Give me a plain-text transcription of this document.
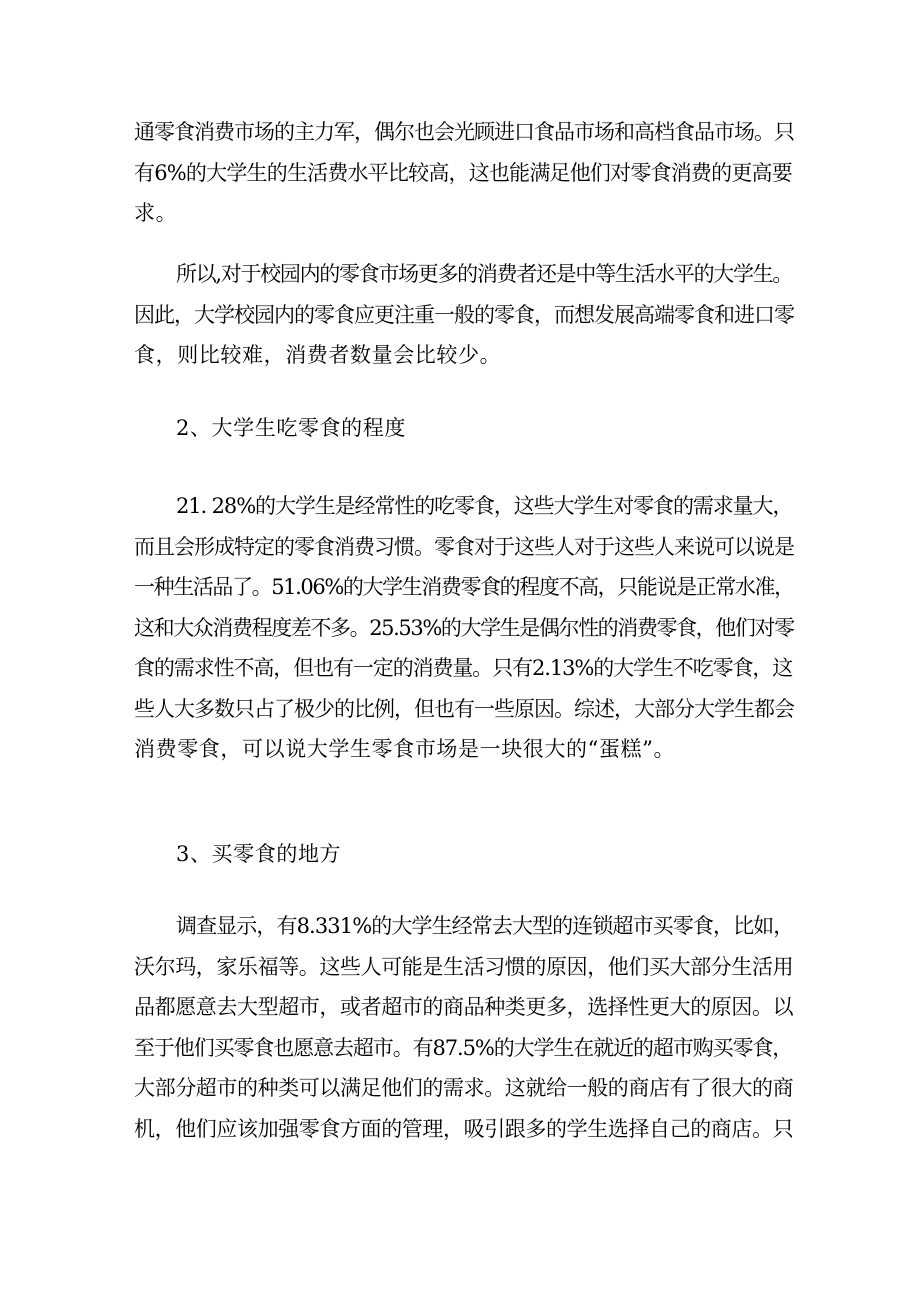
通零食消费市场的主力军，偶尔也会光顾进口食品市场和高档食品市场。只
有6%的大学生的生活费水平比较高，这也能满足他们对零食消费的更高要
求。
所以,对于校园内的零食市场更多的消费者还是中等生活水平的大学生。
因此，大学校园内的零食应更注重一般的零食，而想发展高端零食和进口零
食，则比较难，消费者数量会比较少。
2、大学生吃零食的程度
21. 28%的大学生是经常性的吃零食，这些大学生对零食的需求量大，
而且会形成特定的零食消费习惯。零食对于这些人对于这些人来说可以说是
一种生活品了。51.06%的大学生消费零食的程度不高，只能说是正常水准，
这和大众消费程度差不多。25.53%的大学生是偶尔性的消费零食，他们对零
食的需求性不高，但也有一定的消费量。只有2.13%的大学生不吃零食，这
些人大多数只占了极少的比例，但也有一些原因。综述，大部分大学生都会
消费零食，可以说大学生零食市场是一块很大的“蛋糕”。
3、买零食的地方
调查显示，有8.331%的大学生经常去大型的连锁超市买零食，比如，
沃尔玛，家乐福等。这些人可能是生活习惯的原因，他们买大部分生活用
品都愿意去大型超市，或者超市的商品种类更多，选择性更大的原因。以
至于他们买零食也愿意去超市。有87.5%的大学生在就近的超市购买零食，
大部分超市的种类可以满足他们的需求。这就给一般的商店有了很大的商
机，他们应该加强零食方面的管理，吸引跟多的学生选择自己的商店。只
